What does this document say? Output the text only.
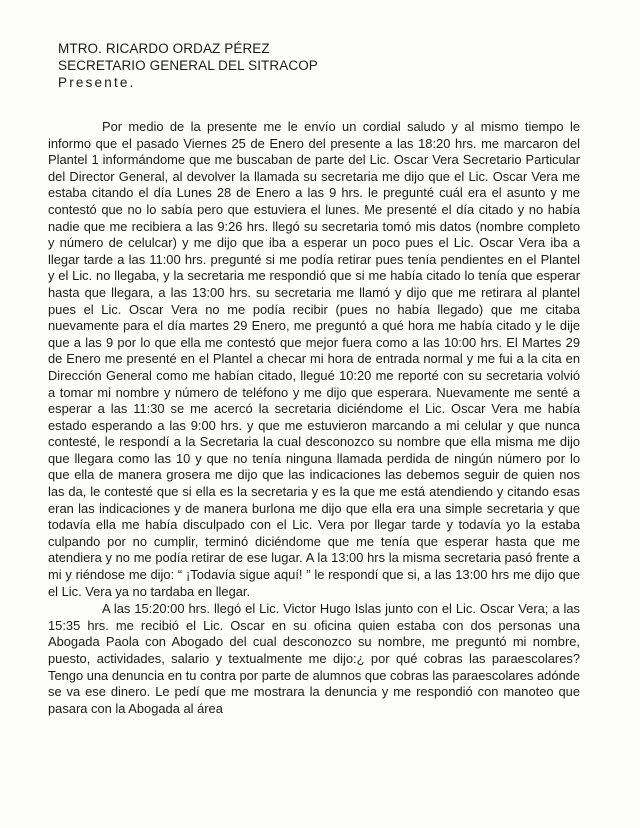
MTRO. RICARDO ORDAZ PÉREZ
SECRETARIO GENERAL DEL SITRACOP
Presente.

Por medio de la presente me le envío un cordial saludo y al mismo tiempo le informo que el pasado Viernes 25 de Enero del presente a las 18:20 hrs. me marcaron del Plantel 1 informándome que me buscaban de parte del Lic. Oscar Vera Secretario Particular del Director General, al devolver la llamada su secretaria me dijo que el Lic. Oscar Vera me estaba citando el día Lunes 28 de Enero a las 9 hrs. le pregunté cuál era el asunto y me contestó que no lo sabía pero que estuviera el lunes. Me presenté el día citado y no había nadie que me recibiera a las 9:26 hrs. llegó su secretaria tomó mis datos (nombre completo y número de celulcar) y me dijo que iba a esperar un poco pues el Lic. Oscar Vera iba a llegar tarde a las 11:00 hrs. pregunté si me podía retirar pues tenía pendientes en el Plantel y el Lic. no llegaba, y la secretaria me respondió que si me había citado lo tenía que esperar hasta que llegara, a las 13:00 hrs. su secretaria me llamó y dijo que me retirara al plantel pues el Lic. Oscar Vera no me podía recibir (pues no había llegado) que me citaba nuevamente para el día martes 29 Enero, me preguntó a qué hora me había citado y le dije que a las 9 por lo que ella me contestó que mejor fuera como a las 10:00 hrs. El Martes 29 de Enero me presenté en el Plantel a checar mi hora de entrada normal y me fui a la cita en Dirección General como me habían citado, llegué 10:20 me reporté con su secretaria volvió a tomar mi nombre y número de teléfono y me dijo que esperara. Nuevamente me senté a esperar a las 11:30 se me acercó la secretaria diciéndome el Lic. Oscar Vera me había estado esperando a las 9:00 hrs. y que me estuvieron marcando a mi celular y que nunca contesté, le respondí a la Secretaria la cual desconozco su nombre que ella misma me dijo que llegara como las 10 y que no tenía ninguna llamada perdida de ningún número por lo que ella de manera grosera me dijo que las indicaciones las debemos seguir de quien nos las da, le contesté que si ella es la secretaria y es la que me está atendiendo y citando esas eran las indicaciones y de manera burlona me dijo que ella era una simple secretaria y que todavía ella me había disculpado con el Lic. Vera por llegar tarde y todavía yo la estaba culpando por no cumplir, terminó diciéndome que me tenía que esperar hasta que me atendiera y no me podía retirar de ese lugar. A la 13:00 hrs la misma secretaria pasó frente a mi y riéndose me dijo: “ ¡Todavía sigue aquí! ” le respondí que si, a las 13:00 hrs me dijo que el Lic. Vera ya no tardaba en llegar.

A las 15:20:00 hrs. llegó el Lic. Victor Hugo Islas junto con el Lic. Oscar Vera; a las 15:35 hrs. me recibió el Lic. Oscar en su oficina quien estaba con dos personas una Abogada Paola con Abogado del cual desconozco su nombre, me preguntó mi nombre, puesto, actividades, salario y textualmente me dijo:¿ por qué cobras las paraescolares? Tengo una denuncia en tu contra por parte de alumnos que cobras las paraescolares adónde se va ese dinero. Le pedí que me mostrara la denuncia y me respondió con manoteo que pasara con la Abogada al área
